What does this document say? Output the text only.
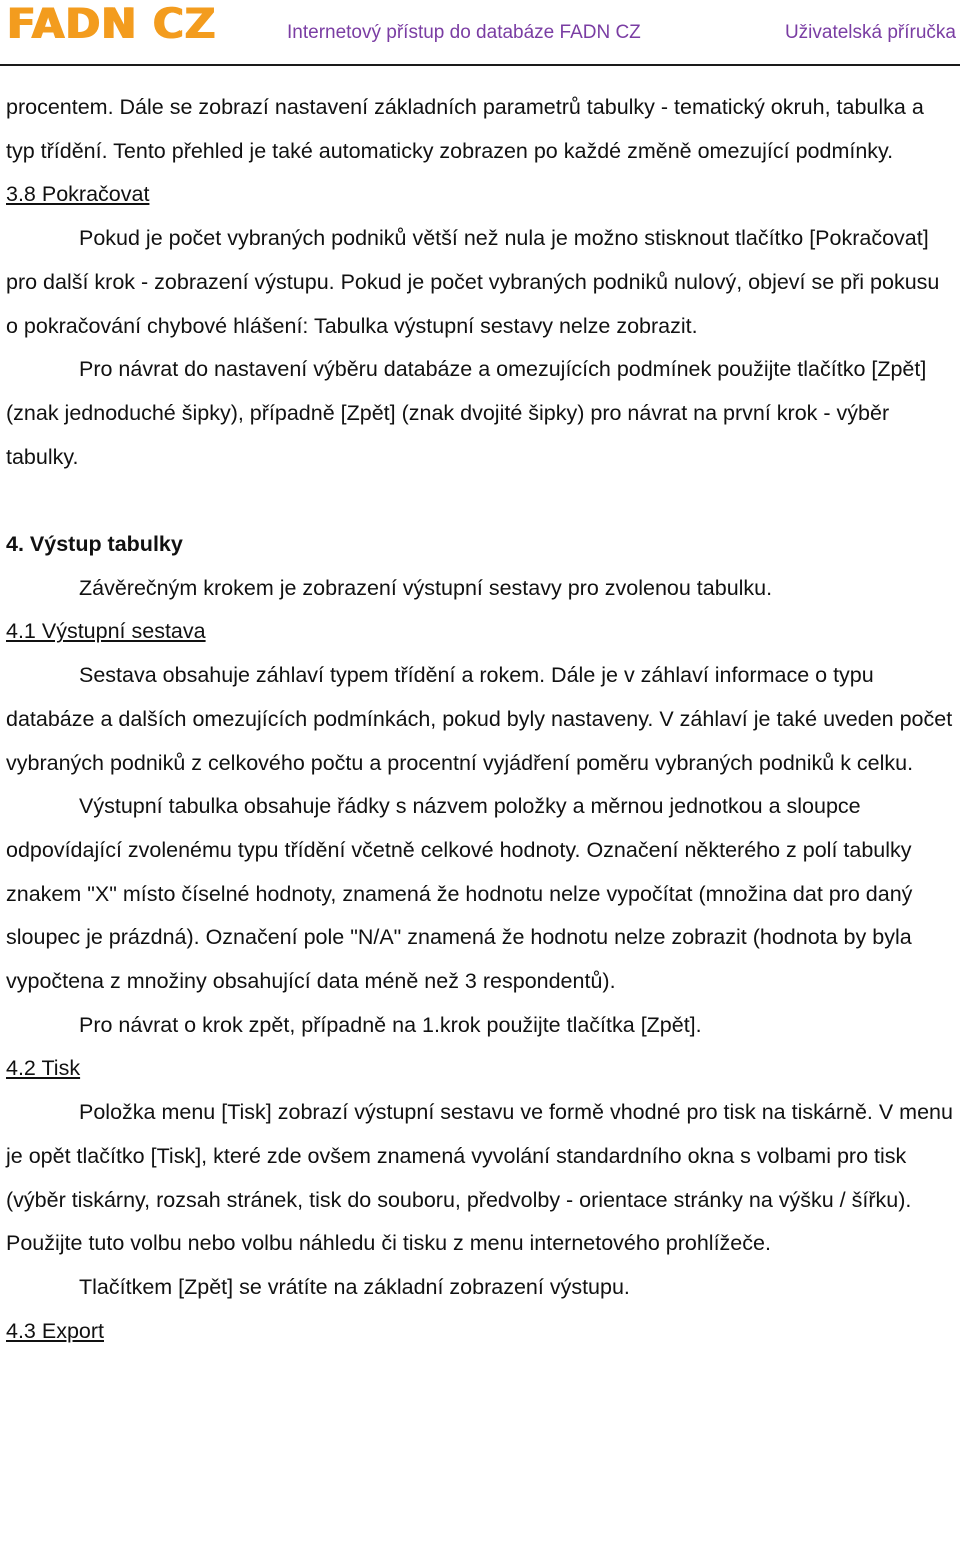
FADN CZ	Internetový přístup do databáze FADN CZ	Uživatelská příručka

procentem. Dále se zobrazí nastavení základních parametrů tabulky - tematický okruh, tabulka a typ třídění. Tento přehled je také automaticky zobrazen po každé změně omezující podmínky.

3.8 Pokračovat

Pokud je počet vybraných podniků větší než nula je možno stisknout tlačítko [Pokračovat] pro další krok - zobrazení výstupu. Pokud je počet vybraných podniků nulový, objeví se při pokusu o pokračování chybové hlášení: Tabulka výstupní sestavy nelze zobrazit.

Pro návrat do nastavení výběru databáze a omezujících podmínek použijte tlačítko [Zpět] (znak jednoduché šipky), případně [Zpět] (znak dvojité šipky) pro návrat na první krok - výběr tabulky.

4. Výstup tabulky

Závěrečným krokem je zobrazení výstupní sestavy pro zvolenou tabulku.

4.1 Výstupní sestava

Sestava obsahuje záhlaví typem třídění a rokem. Dále je v záhlaví informace o typu databáze a dalších omezujících podmínkách, pokud byly nastaveny. V záhlaví je také uveden počet vybraných podniků z celkového počtu a procentní vyjádření poměru vybraných podniků k celku.

Výstupní tabulka obsahuje řádky s názvem položky a měrnou jednotkou a sloupce odpovídající zvolenému typu třídění včetně celkové hodnoty. Označení některého z polí tabulky znakem "X" místo číselné hodnoty, znamená že hodnotu nelze vypočítat (množina dat pro daný sloupec je prázdná). Označení pole "N/A" znamená že hodnotu nelze zobrazit (hodnota by byla vypočtena z množiny obsahující data méně než 3 respondentů).

Pro návrat o krok zpět, případně na 1.krok použijte tlačítka [Zpět].

4.2 Tisk

Položka menu [Tisk] zobrazí výstupní sestavu ve formě vhodné pro tisk na tiskárně. V menu je opět tlačítko [Tisk], které zde ovšem znamená vyvolání standardního okna s volbami pro tisk (výběr tiskárny, rozsah stránek, tisk do souboru, předvolby - orientace stránky na výšku / šířku). Použijte tuto volbu nebo volbu náhledu či tisku z menu internetového prohlížeče.

Tlačítkem [Zpět] se vrátíte na základní zobrazení výstupu.

4.3 Export
